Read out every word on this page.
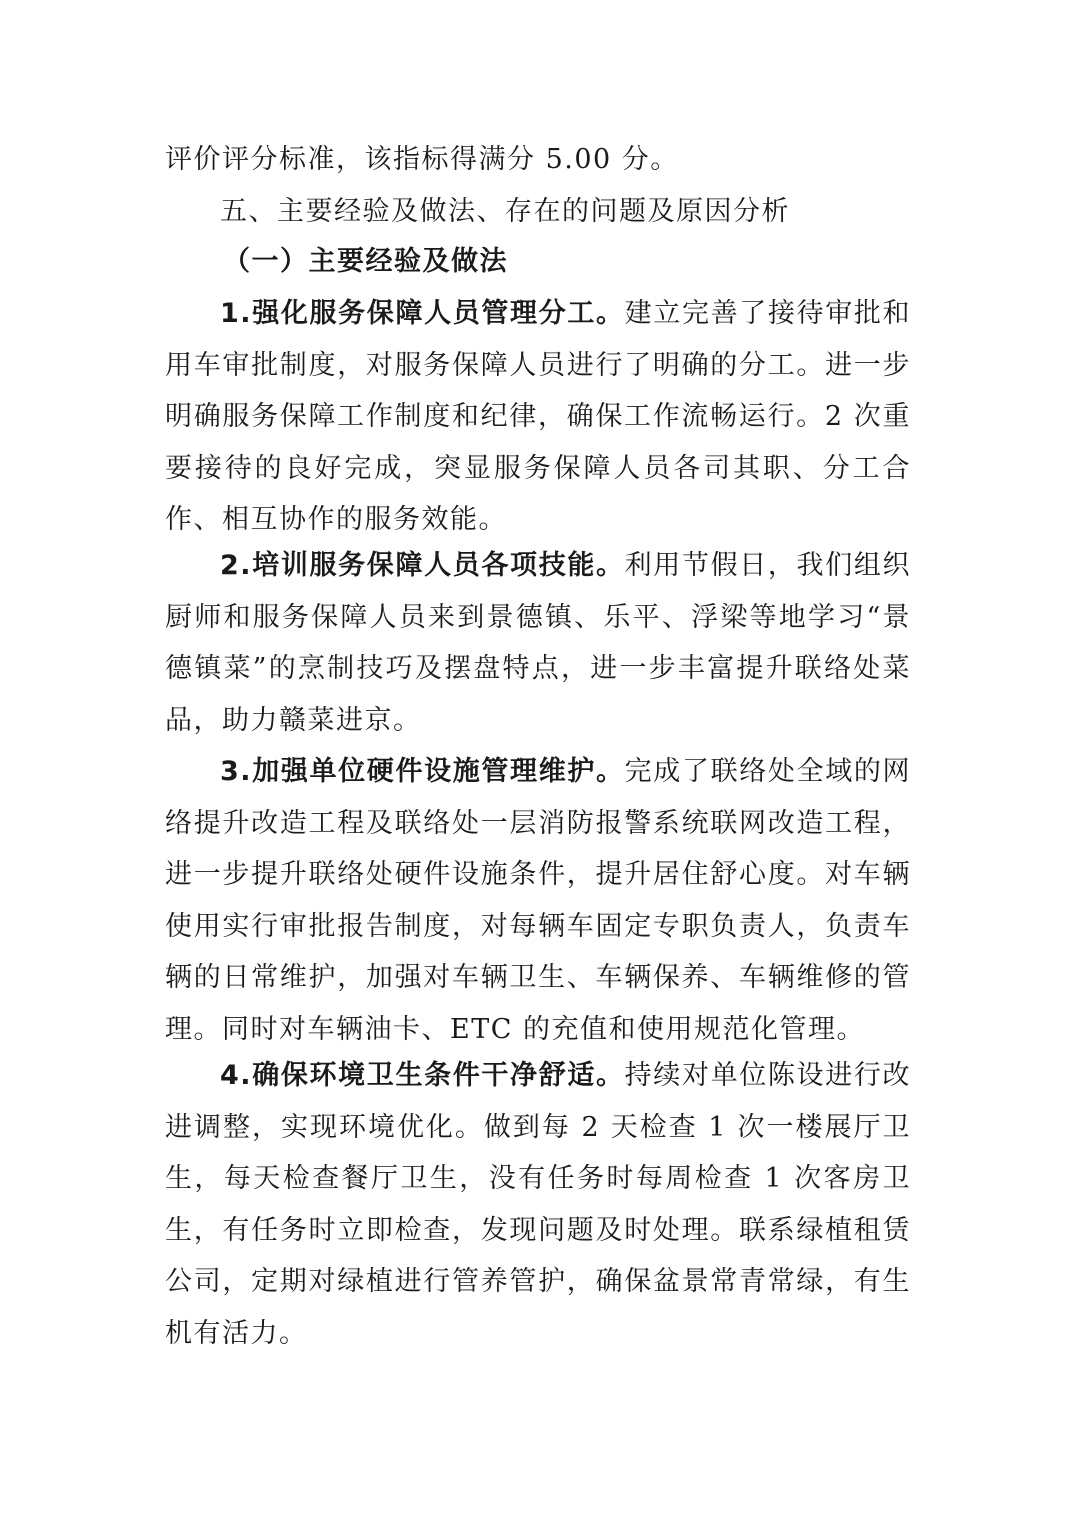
评价评分标准，该指标得满分 5.00 分。

五、主要经验及做法、存在的问题及原因分析

（一）主要经验及做法

1.强化服务保障人员管理分工。建立完善了接待审批和用车审批制度，对服务保障人员进行了明确的分工。进一步明确服务保障工作制度和纪律，确保工作流畅运行。2 次重要接待的良好完成，突显服务保障人员各司其职、分工合作、相互协作的服务效能。

2.培训服务保障人员各项技能。利用节假日，我们组织厨师和服务保障人员来到景德镇、乐平、浮梁等地学习“景德镇菜”的烹制技巧及摆盘特点，进一步丰富提升联络处菜品，助力赣菜进京。

3.加强单位硬件设施管理维护。完成了联络处全域的网络提升改造工程及联络处一层消防报警系统联网改造工程，进一步提升联络处硬件设施条件，提升居住舒心度。对车辆使用实行审批报告制度，对每辆车固定专职负责人，负责车辆的日常维护，加强对车辆卫生、车辆保养、车辆维修的管理。同时对车辆油卡、ETC 的充值和使用规范化管理。

4.确保环境卫生条件干净舒适。持续对单位陈设进行改进调整，实现环境优化。做到每 2 天检查 1 次一楼展厅卫生，每天检查餐厅卫生，没有任务时每周检查 1 次客房卫生，有任务时立即检查，发现问题及时处理。联系绿植租赁公司，定期对绿植进行管养管护，确保盆景常青常绿，有生机有活力。
